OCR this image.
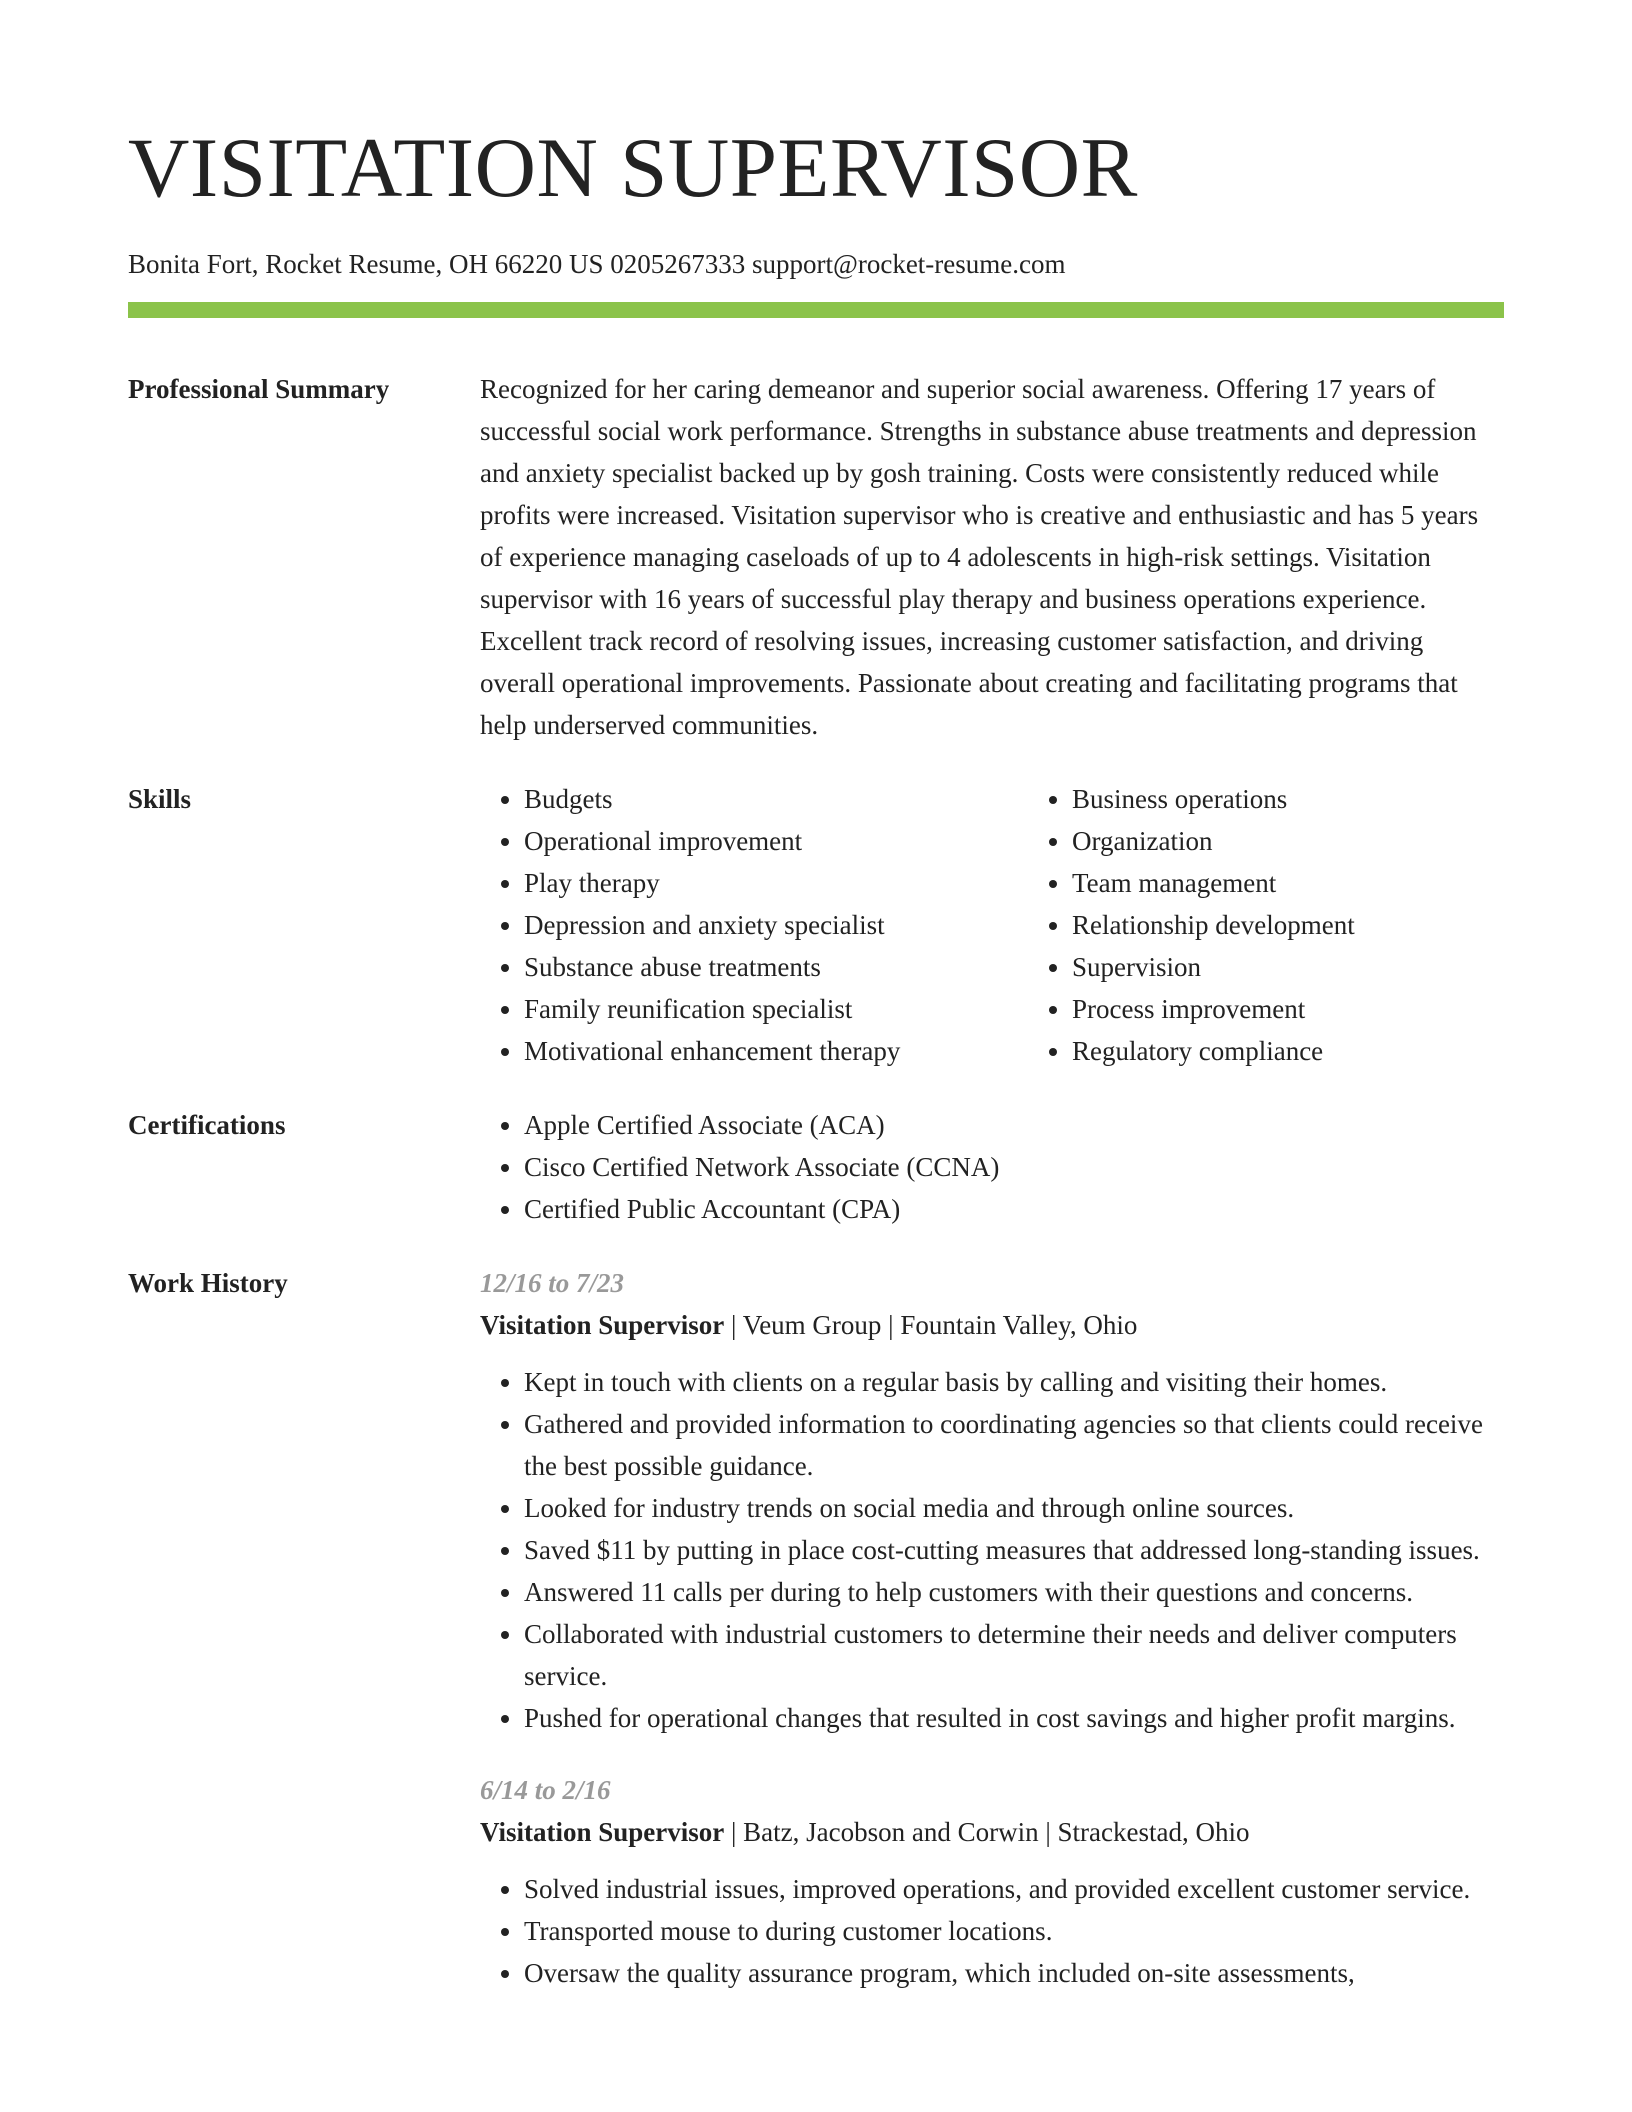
VISITATION SUPERVISOR
Bonita Fort, Rocket Resume, OH 66220 US 0205267333 support@rocket-resume.com
Professional Summary	Recognized for her caring demeanor and superior social awareness. Offering 17 years of successful social work performance. Strengths in substance abuse treatments and depression and anxiety specialist backed up by gosh training. Costs were consistently reduced while profits were increased. Visitation supervisor who is creative and enthusiastic and has 5 years of experience managing caseloads of up to 4 adolescents in high-risk settings. Visitation supervisor with 16 years of successful play therapy and business operations experience. Excellent track record of resolving issues, increasing customer satisfaction, and driving overall operational improvements. Passionate about creating and facilitating programs that help underserved communities.
Skills	• Budgets
• Operational improvement
• Play therapy
• Depression and anxiety specialist
• Substance abuse treatments
• Family reunification specialist
• Motivational enhancement therapy
• Business operations
• Organization
• Team management
• Relationship development
• Supervision
• Process improvement
• Regulatory compliance
Certifications	• Apple Certified Associate (ACA)
• Cisco Certified Network Associate (CCNA)
• Certified Public Accountant (CPA)
Work History	12/16 to 7/23
Visitation Supervisor | Veum Group | Fountain Valley, Ohio
• Kept in touch with clients on a regular basis by calling and visiting their homes.
• Gathered and provided information to coordinating agencies so that clients could receive the best possible guidance.
• Looked for industry trends on social media and through online sources.
• Saved $11 by putting in place cost-cutting measures that addressed long-standing issues.
• Answered 11 calls per during to help customers with their questions and concerns.
• Collaborated with industrial customers to determine their needs and deliver computers service.
• Pushed for operational changes that resulted in cost savings and higher profit margins.
6/14 to 2/16
Visitation Supervisor | Batz, Jacobson and Corwin | Strackestad, Ohio
• Solved industrial issues, improved operations, and provided excellent customer service.
• Transported mouse to during customer locations.
• Oversaw the quality assurance program, which included on-site assessments,
